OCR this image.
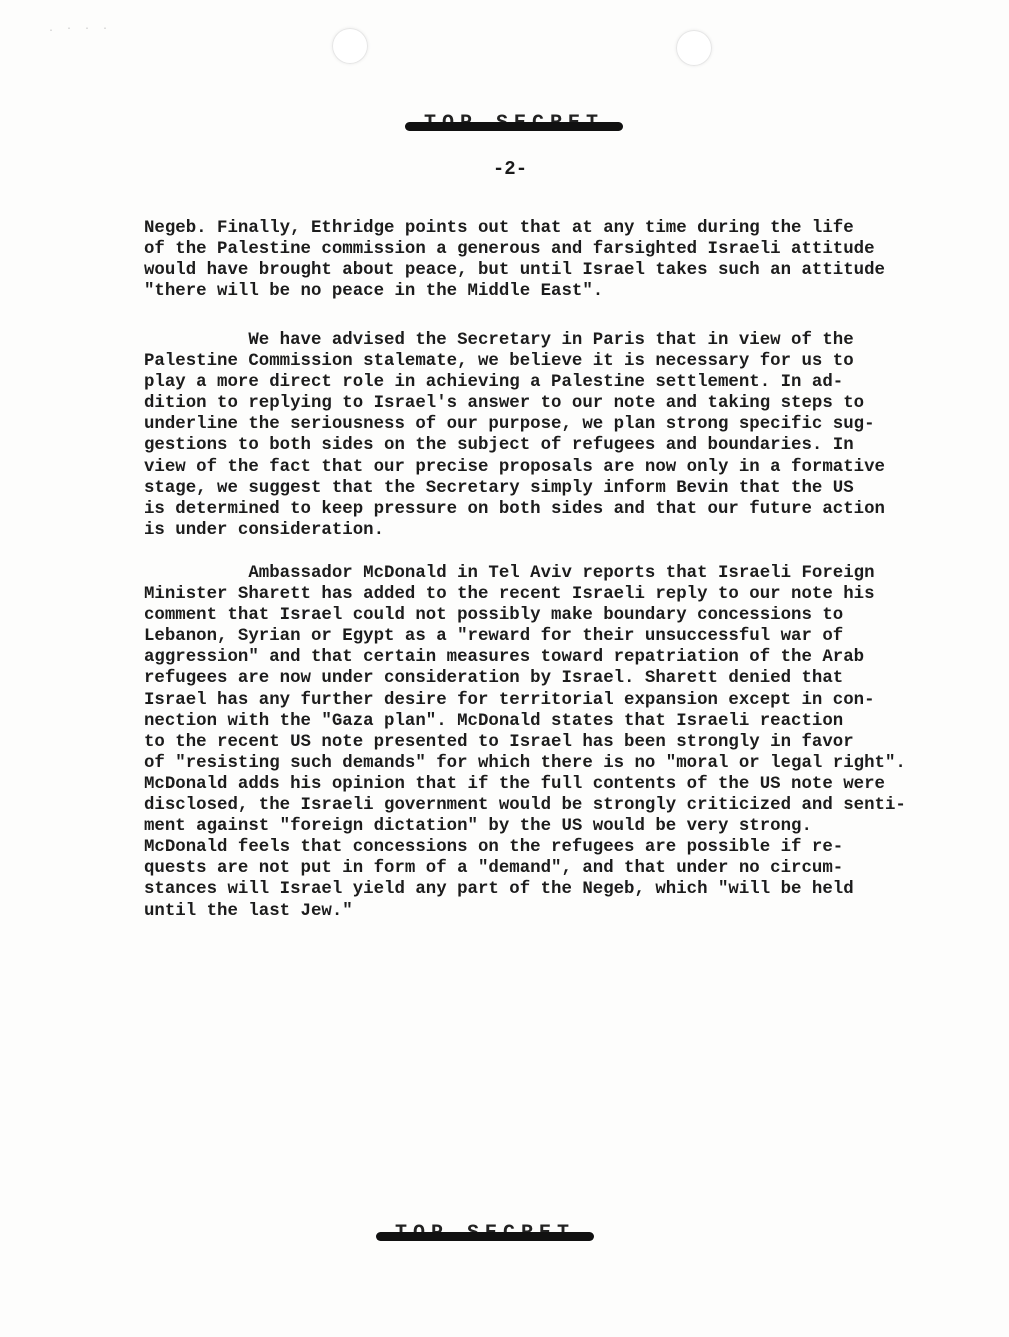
. · · ·
-2-

Negeb. Finally, Ethridge points out that at any time during the life
of the Palestine commission a generous and farsighted Israeli attitude
would have brought about peace, but until Israel takes such an attitude
"there will be no peace in the Middle East".

We have advised the Secretary in Paris that in view of the
Palestine Commission stalemate, we believe it is necessary for us to
play a more direct role in achieving a Palestine settlement. In ad-
dition to replying to Israel's answer to our note and taking steps to
underline the seriousness of our purpose, we plan strong specific sug-
gestions to both sides on the subject of refugees and boundaries. In
view of the fact that our precise proposals are now only in a formative
stage, we suggest that the Secretary simply inform Bevin that the US
is determined to keep pressure on both sides and that our future action
is under consideration.

Ambassador McDonald in Tel Aviv reports that Israeli Foreign
Minister Sharett has added to the recent Israeli reply to our note his
comment that Israel could not possibly make boundary concessions to
Lebanon, Syrian or Egypt as a "reward for their unsuccessful war of
aggression" and that certain measures toward repatriation of the Arab
refugees are now under consideration by Israel. Sharett denied that
Israel has any further desire for territorial expansion except in con-
nection with the "Gaza plan". McDonald states that Israeli reaction
to the recent US note presented to Israel has been strongly in favor
of "resisting such demands" for which there is no "moral or legal right".
McDonald adds his opinion that if the full contents of the US note were
disclosed, the Israeli government would be strongly criticized and senti-
ment against "foreign dictation" by the US would be very strong.
McDonald feels that concessions on the refugees are possible if re-
quests are not put in form of a "demand", and that under no circum-
stances will Israel yield any part of the Negeb, which "will be held
until the last Jew."
